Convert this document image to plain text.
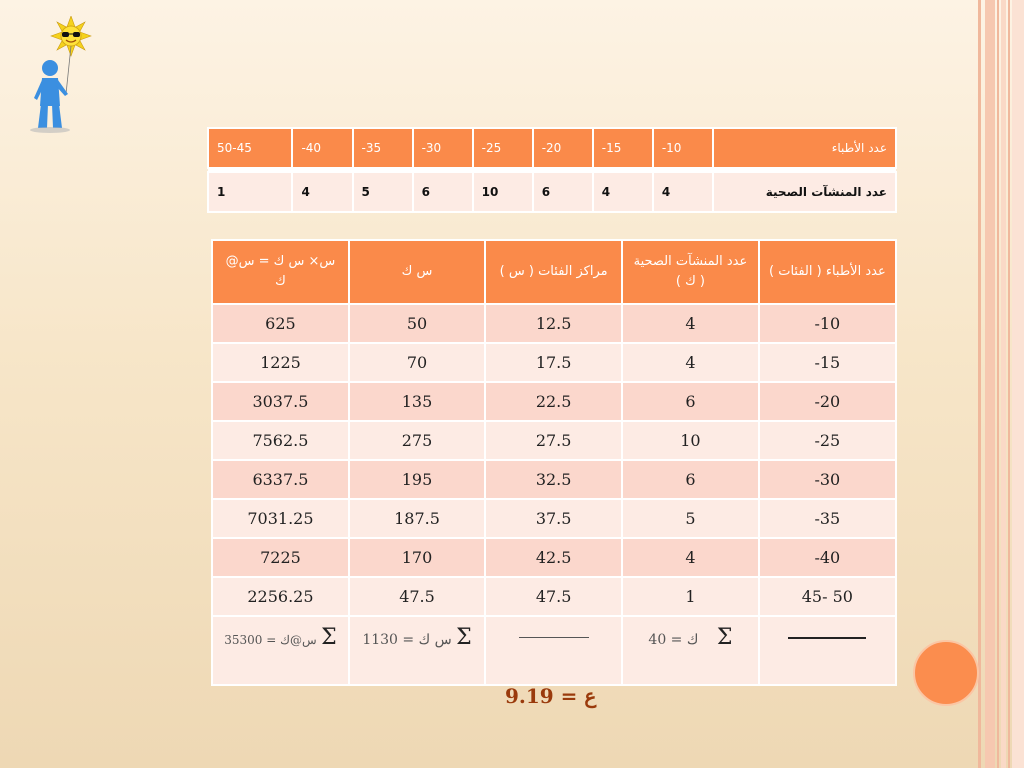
50-45	-40	-35	-30	-25	-20	-15	-10	عدد الأطباء

1	4	5	6	10	6	4	4	عدد المنشآت الصحية
س× س ك = س@ ك	س ك	مراكز الفئات ( س )	عدد المنشآت الصحية ( ك )	عدد الأطباء ( الفئات )
625	50	12.5	4	-10
1225	70	17.5	4	-15
3037.5	135	22.5	6	-20
7562.5	275	27.5	10	-25
6337.5	195	32.5	6	-30
7031.25	187.5	37.5	5	-35
7225	170	42.5	4	-40
2256.25	47.5	47.5	1	45- 50
س@ك = 35300 Σ	س ك = 1130 Σ		ك = 40 Σ	
ع = 9.19
